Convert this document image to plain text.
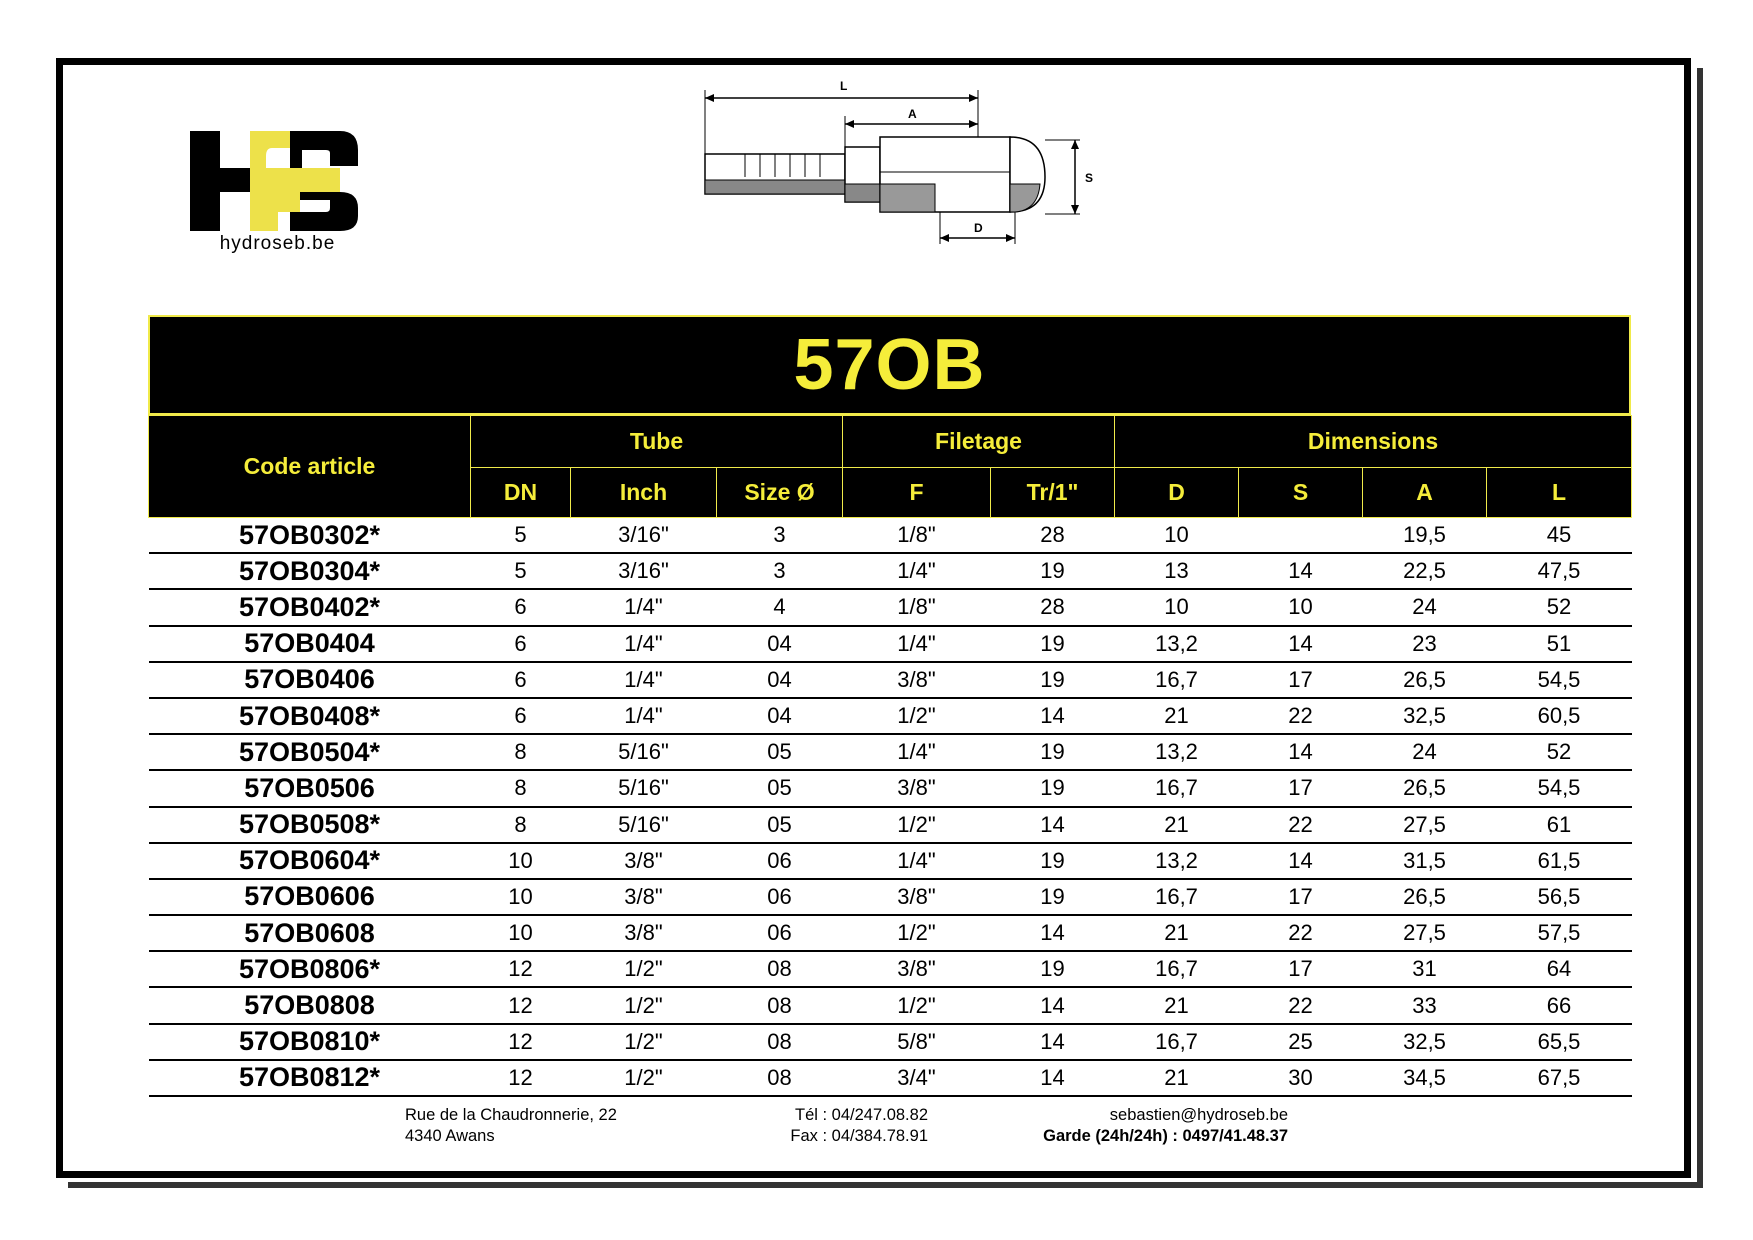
hydroseb.be
L
A
S
D
57OB
Code article	Tube			Filetage		Dimensions			
	DN	Inch	Size Ø	F	Tr/1"	D	S	A	L
57OB0302*	5	3/16"	3	1/8"	28	10		19,5	45
57OB0304*	5	3/16"	3	1/4"	19	13	14	22,5	47,5
57OB0402*	6	1/4"	4	1/8"	28	10	10	24	52
57OB0404	6	1/4"	04	1/4"	19	13,2	14	23	51
57OB0406	6	1/4"	04	3/8"	19	16,7	17	26,5	54,5
57OB0408*	6	1/4"	04	1/2"	14	21	22	32,5	60,5
57OB0504*	8	5/16"	05	1/4"	19	13,2	14	24	52
57OB0506	8	5/16"	05	3/8"	19	16,7	17	26,5	54,5
57OB0508*	8	5/16"	05	1/2"	14	21	22	27,5	61
57OB0604*	10	3/8"	06	1/4"	19	13,2	14	31,5	61,5
57OB0606	10	3/8"	06	3/8"	19	16,7	17	26,5	56,5
57OB0608	10	3/8"	06	1/2"	14	21	22	27,5	57,5
57OB0806*	12	1/2"	08	3/8"	19	16,7	17	31	64
57OB0808	12	1/2"	08	1/2"	14	21	22	33	66
57OB0810*	12	1/2"	08	5/8"	14	16,7	25	32,5	65,5
57OB0812*	12	1/2"	08	3/4"	14	21	30	34,5	67,5
Rue de la Chaudronnerie, 22
4340 Awans
Tél : 04/247.08.82
Fax : 04/384.78.91
sebastien@hydroseb.be
Garde (24h/24h) : 0497/41.48.37
